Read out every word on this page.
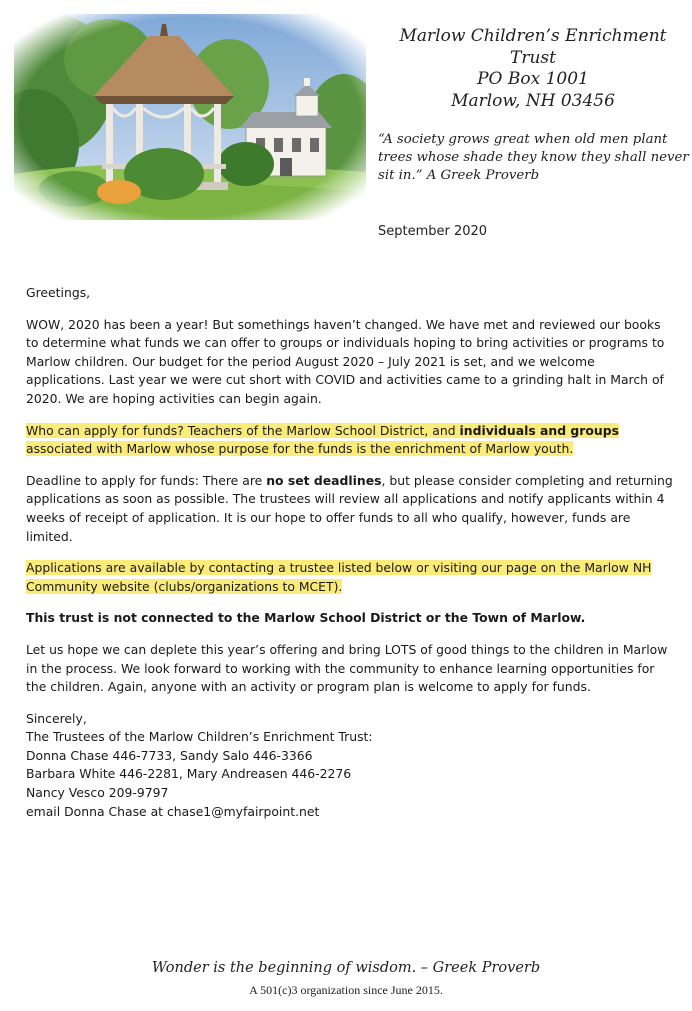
Marlow Children’s Enrichment
Trust
PO Box 1001
Marlow, NH 03456
“A society grows great when old men plant trees whose shade they know they shall never sit in.” A Greek Proverb
September 2020

Greetings,

WOW, 2020 has been a year! But somethings haven’t changed. We have met and reviewed our books to determine what funds we can offer to groups or individuals hoping to bring activities or programs to Marlow children. Our budget for the period August 2020 – July 2021 is set, and we welcome applications. Last year we were cut short with COVID and activities came to a grinding halt in March of 2020. We are hoping activities can begin again.

Who can apply for funds? Teachers of the Marlow School District, and individuals and groups associated with Marlow whose purpose for the funds is the enrichment of Marlow youth.

Deadline to apply for funds: There are no set deadlines, but please consider completing and returning applications as soon as possible. The trustees will review all applications and notify applicants within 4 weeks of receipt of application. It is our hope to offer funds to all who qualify, however, funds are limited.

Applications are available by contacting a trustee listed below or visiting our page on the Marlow NH Community website (clubs/organizations to MCET).

This trust is not connected to the Marlow School District or the Town of Marlow.

Let us hope we can deplete this year’s offering and bring LOTS of good things to the children in Marlow in the process. We look forward to working with the community to enhance learning opportunities for the children. Again, anyone with an activity or program plan is welcome to apply for funds.

Sincerely,
The Trustees of the Marlow Children’s Enrichment Trust:
Donna Chase 446-7733, Sandy Salo 446-3366
Barbara White 446-2281, Mary Andreasen 446-2276
Nancy Vesco 209-9797
email Donna Chase at chase1@myfairpoint.net
Wonder is the beginning of wisdom. – Greek Proverb
A 501(c)3 organization since June 2015.
